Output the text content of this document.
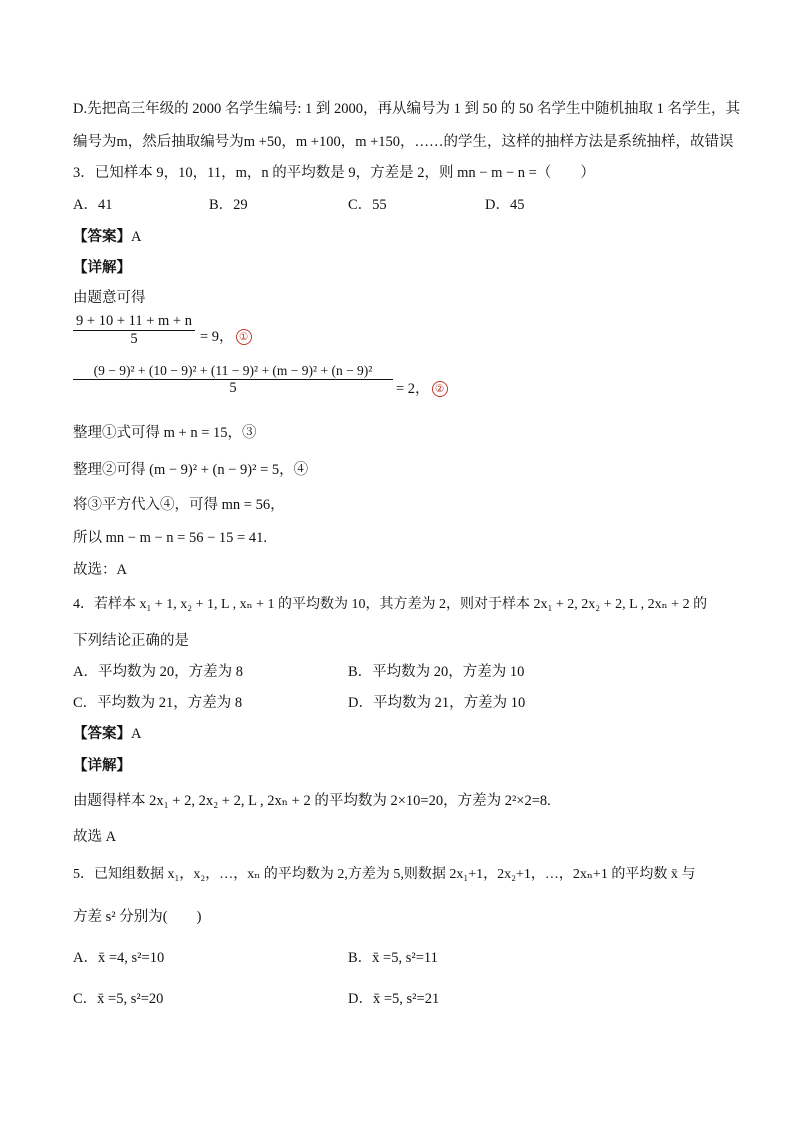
D.先把高三年级的 2000 名学生编号: 1 到 2000，再从编号为 1 到 50 的 50 名学生中随机抽取 1 名学生，其
编号为m，然后抽取编号为m +50，m +100，m +150，……的学生，这样的抽样方法是系统抽样，故错误
3．已知样本 9，10，11，m，n 的平均数是 9，方差是 2，则 mn − m − n =（　　）
A．41	B．29	C．55	D．45
【答案】A
【详解】
由题意可得
9 + 10 + 11 + m + n
5	= 9， ①
(9 − 9)² + (10 − 9)² + (11 − 9)² + (m − 9)² + (n − 9)²
5	= 2， ②
整理①式可得 m + n = 15，③
整理②可得 (m − 9)² + (n − 9)² = 5，④
将③平方代入④，可得 mn = 56，
所以 mn − m − n = 56 − 15 = 41.
故选：A
4．若样本 x₁ + 1, x₂ + 1, L , xₙ + 1 的平均数为 10，其方差为 2，则对于样本 2x₁ + 2, 2x₂ + 2, L , 2xₙ + 2 的
下列结论正确的是
A．平均数为 20，方差为 8	B．平均数为 20，方差为 10
C．平均数为 21，方差为 8	D．平均数为 21，方差为 10
【答案】A
【详解】
由题得样本 2x₁ + 2, 2x₂ + 2, L , 2xₙ + 2 的平均数为 2×10=20，方差为 2²×2=8.
故选 A
5．已知组数据 x₁，x₂，…，xₙ 的平均数为 2,方差为 5,则数据 2x₁+1，2x₂+1，…，2xₙ+1 的平均数 x̄ 与
方差 s² 分别为(　　)
A．x̄ =4, s²=10	B．x̄ =5, s²=11
C．x̄ =5, s²=20	D．x̄ =5, s²=21
